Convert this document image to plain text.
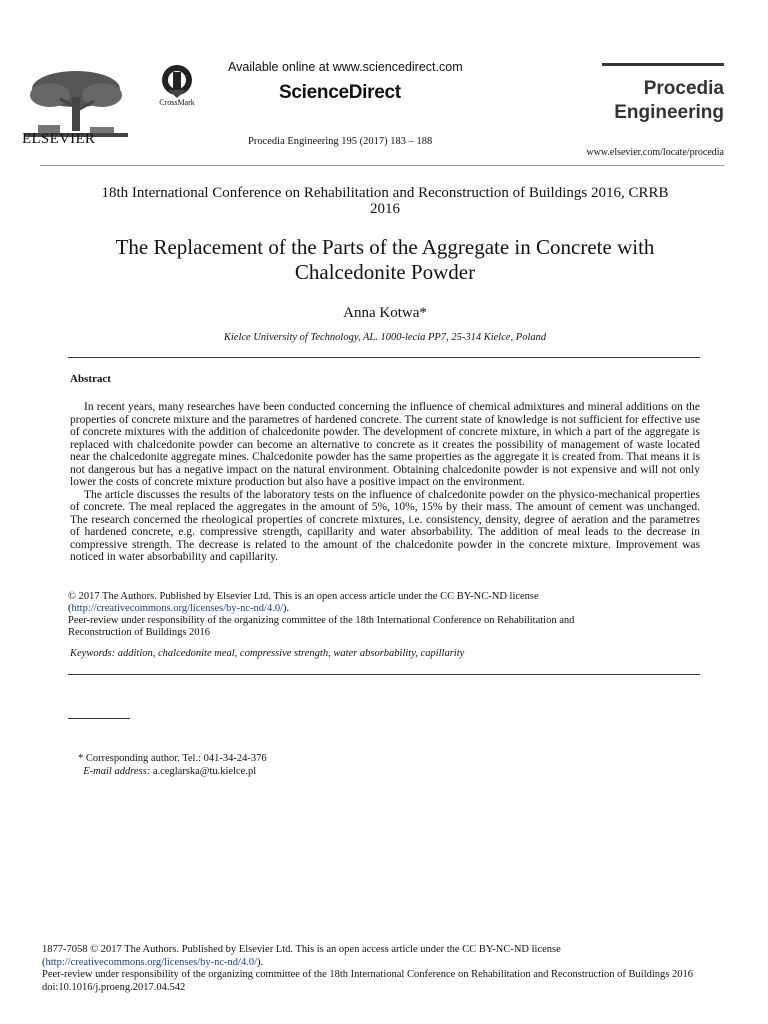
ELSEVIER
CrossMark
Available online at www.sciencedirect.com
ScienceDirect
Procedia Engineering 195 (2017) 183 – 188
Procedia
Engineering
www.elsevier.com/locate/procedia
18th International Conference on Rehabilitation and Reconstruction of Buildings 2016, CRRB
2016
The Replacement of the Parts of the Aggregate in Concrete with
Chalcedonite Powder
Anna Kotwa*
Kielce University of Technology, AL. 1000-lecia PP7, 25-314 Kielce, Poland
Abstract

In recent years, many researches have been conducted concerning the influence of chemical admixtures and mineral additions on the properties of concrete mixture and the parametres of hardened concrete. The current state of knowledge is not sufficient for effective use of concrete mixtures with the addition of chalcedonite powder. The development of concrete mixture, in which a part of the aggregate is replaced with chalcedonite powder can become an alternative to concrete as it creates the possibility of management of waste located near the chalcedonite aggregate mines. Chalcedonite powder has the same properties as the aggregate it is created from. That means it is not dangerous but has a negative impact on the natural environment. Obtaining chalcedonite powder is not expensive and will not only lower the costs of concrete mixture production but also have a positive impact on the environment.

The article discusses the results of the laboratory tests on the influence of chalcedonite powder on the physico-mechanical properties of concrete. The meal replaced the aggregates in the amount of 5%, 10%, 15% by their mass. The amount of cement was unchanged. The research concerned the rheological properties of concrete mixtures, i.e. consistency, density, degree of aeration and the parametres of hardened concrete, e.g. compressive strength, capillarity and water absorbability. The addition of meal leads to the decrease in compressive strength. The decrease is related to the amount of the chalcedonite powder in the concrete mixture. Improvement was noticed in water absorbability and capillarity.

© 2017 The Authors. Published by Elsevier Ltd. This is an open access article under the CC BY-NC-ND license

(http://creativecommons.org/licenses/by-nc-nd/4.0/).

Peer-review under responsibility of the organizing committee of the 18th International Conference on Rehabilitation and

Reconstruction of Buildings 2016

Keywords: addition, chalcedonite meal, compressive strength, water absorbability, capillarity
* Corresponding author. Tel.: 041-34-24-376
E-mail address: a.ceglarska@tu.kielce.pl

1877-7058 © 2017 The Authors. Published by Elsevier Ltd. This is an open access article under the CC BY-NC-ND license

(http://creativecommons.org/licenses/by-nc-nd/4.0/).

Peer-review under responsibility of the organizing committee of the 18th International Conference on Rehabilitation and Reconstruction of Buildings 2016

doi:10.1016/j.proeng.2017.04.542
